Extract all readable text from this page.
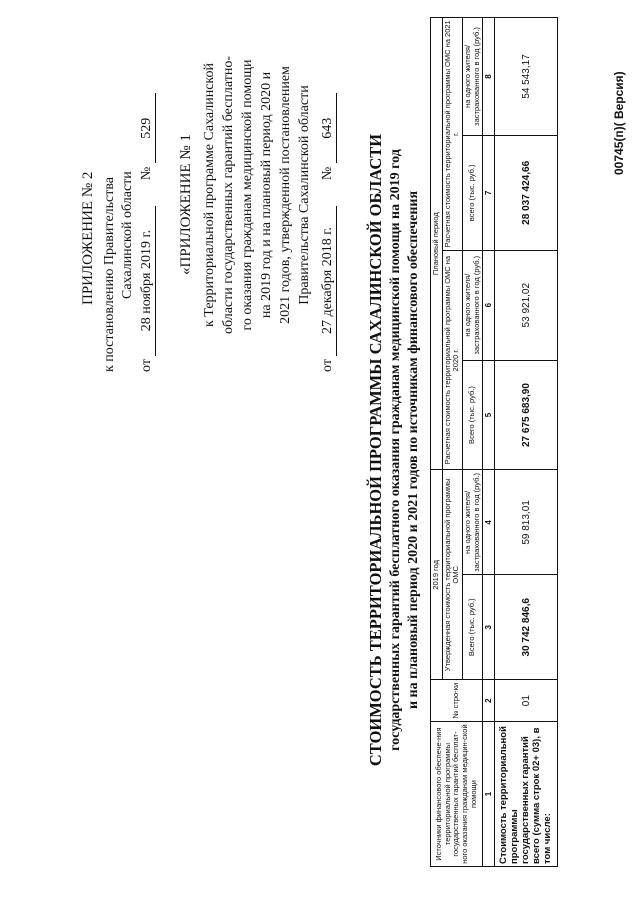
ПРИЛОЖЕНИЕ № 2 к постановлению Правительства Сахалинской области
от 28 ноября 2019 г. № 529
«ПРИЛОЖЕНИЕ № 1 к Территориальной программе Сахалинской области государственных гарантий бесплатно- го оказания гражданам медицинской помощи на 2019 год и на плановый период 2020 и 2021 годов, утвержденной постановлением Правительства Сахалинской области
от 27 декабря 2018 г. № 643
СТОИМОСТЬ ТЕРРИТОРИАЛЬНОЙ ПРОГРАММЫ САХАЛИНСКОЙ ОБЛАСТИ государственных гарантий бесплатного оказания гражданам медицинской помощи на 2019 год и на плановый период 2020 и 2021 годов по источникам финансового обеспечения
Источники финансового обеспече-ния территориальной программы государственных гарантий бесплат-ного оказания гражданам медицин-ской помощи	№ стро-ки	2019 год		Плановый период			
		Утвержденная стоимость территориальной программы ОМС		Расчетная стоимость территориальной программы ОМС на 2020 г.		Расчетная стоимость территориальной программы ОМС на 2021 г.	
		Всего (тыс. руб.)	на одного жителя/ застрахованного в год (руб.)	Всего (тыс. руб.)	на одного жителя/ застрахованного в год (руб.)	всего (тыс. руб.)	на одного жителя/ застрахованного в год (руб.)
1	2	3	4	5	6	7	8
Стоимость территориальной программы государственных гарантий всего (сумма строк 02+ 03), в том числе:	01	30 742 846,6	59 813,01	27 675 683,90	53 921,02	28 037 424,66	54 543,17	00745(п)( Версия)
